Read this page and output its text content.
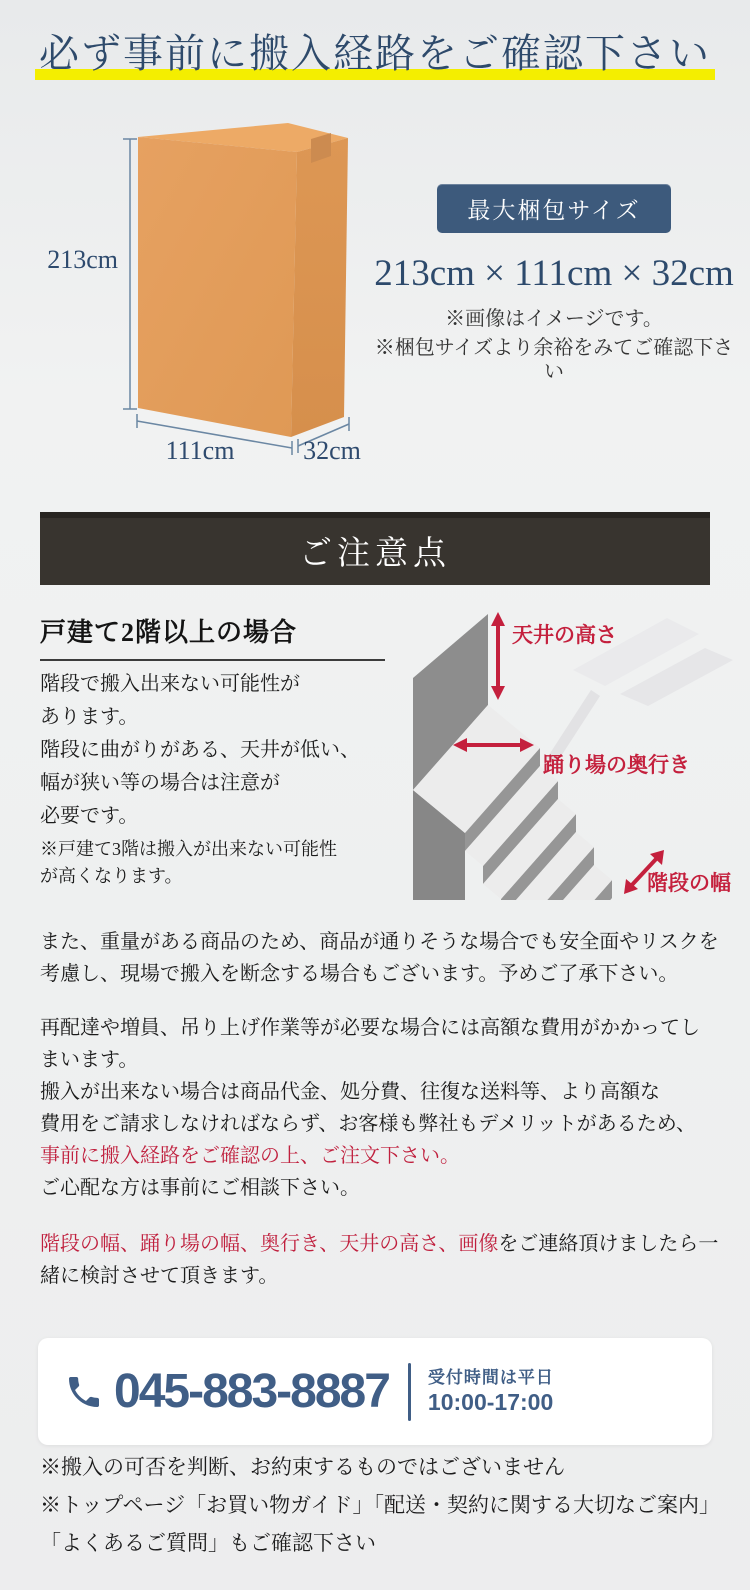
必ず事前に搬入経路をご確認下さい
213cm
111cm	32cm
最大梱包サイズ
213cm × 111cm × 32cm
※画像はイメージです。
※梱包サイズより余裕をみてご確認下さい
ご注意点
戸建て2階以上の場合
階段で搬入出来ない可能性が
あります。
階段に曲がりがある、天井が低い、
幅が狭い等の場合は注意が
必要です。
※戸建て3階は搬入が出来ない可能性
が高くなります。
天井の高さ
踊り場の奥行き
階段の幅
また、重量がある商品のため、商品が通りそうな場合でも安全面やリスクを
考慮し、現場で搬入を断念する場合もございます。予めご了承下さい。
再配達や増員、吊り上げ作業等が必要な場合には高額な費用がかかってし
まいます。
搬入が出来ない場合は商品代金、処分費、往復な送料等、より高額な
費用をご請求しなければならず、お客様も弊社もデメリットがあるため、
事前に搬入経路をご確認の上、ご注文下さい。
ご心配な方は事前にご相談下さい。
階段の幅、踊り場の幅、奥行き、天井の高さ、画像をご連絡頂けましたら一
緒に検討させて頂きます。
045-883-8887 受付時間は平日
10:00-17:00
※搬入の可否を判断、お約束するものではございません
※トップページ「お買い物ガイド」「配送・契約に関する大切なご案内」
「よくあるご質問」もご確認下さい
